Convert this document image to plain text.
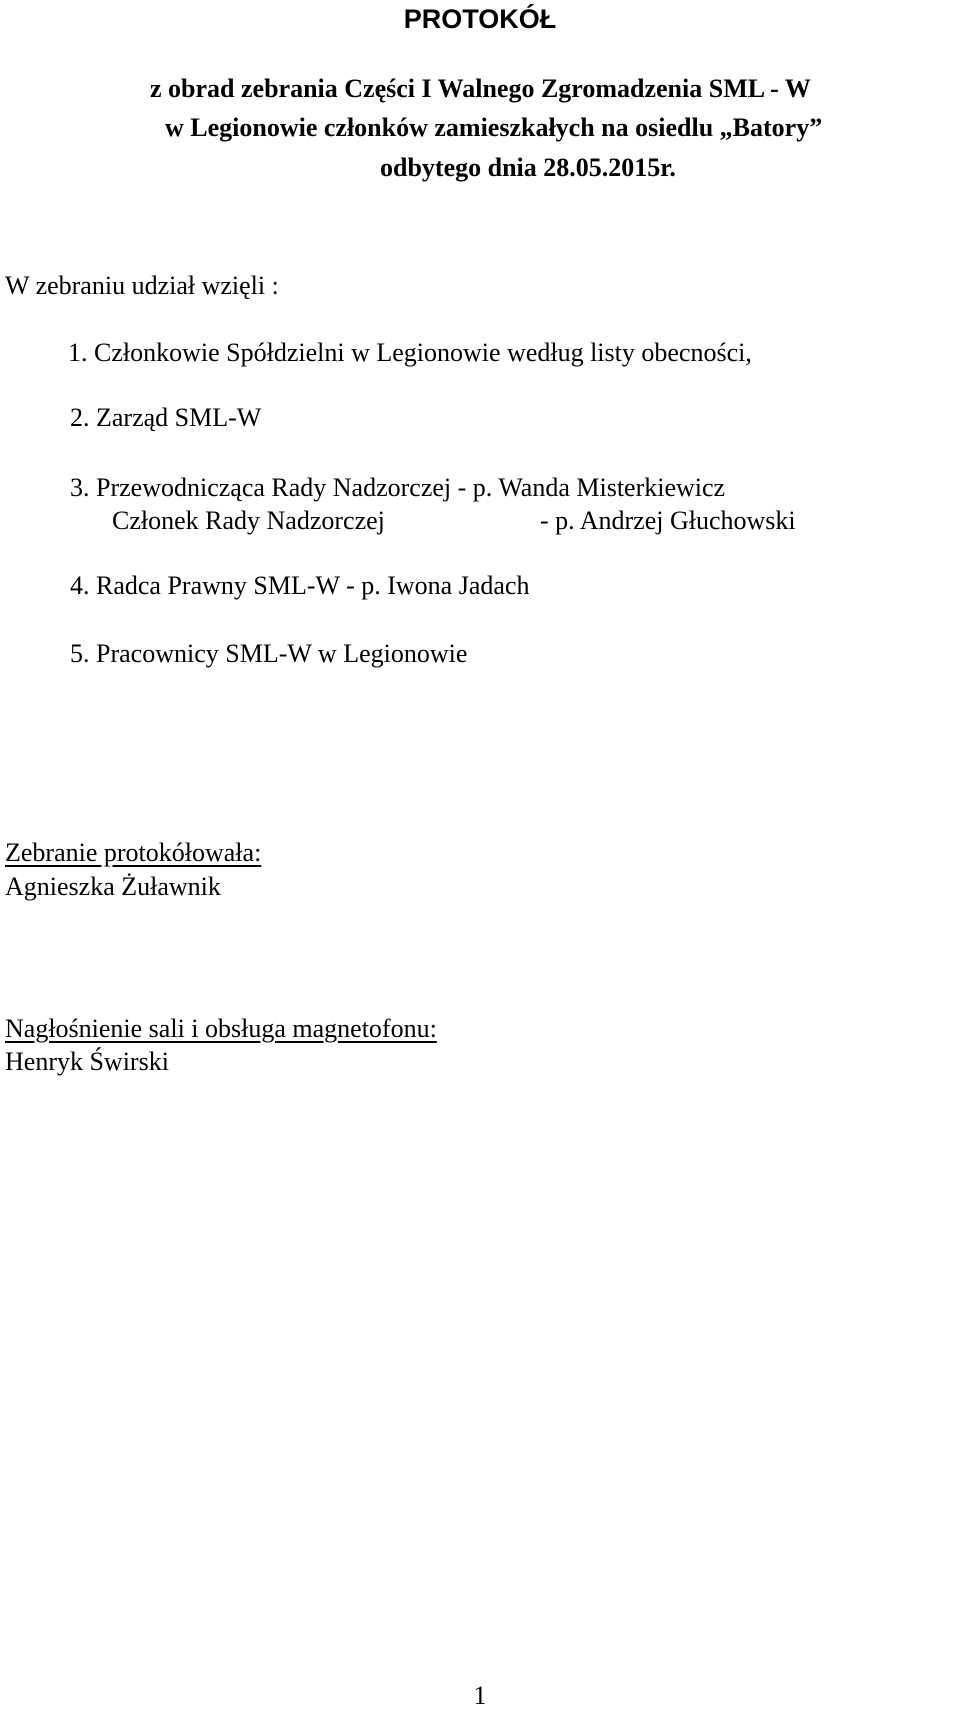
PROTOKÓŁ
z obrad zebrania Części I Walnego Zgromadzenia SML - W
w Legionowie członków zamieszkałych na osiedlu „Batory”
odbytego dnia 28.05.2015r.
W zebraniu udział wzięli :
1. Członkowie Spółdzielni w Legionowie według listy obecności,
2. Zarząd SML-W
3. Przewodnicząca Rady Nadzorczej - p. Wanda Misterkiewicz
Członek Rady Nadzorczej	- p. Andrzej Głuchowski
4. Radca Prawny SML-W - p. Iwona Jadach
5. Pracownicy SML-W w Legionowie
Zebranie protokółowała:
Agnieszka Żuławnik
Nagłośnienie sali i obsługa magnetofonu:
Henryk Świrski
1
